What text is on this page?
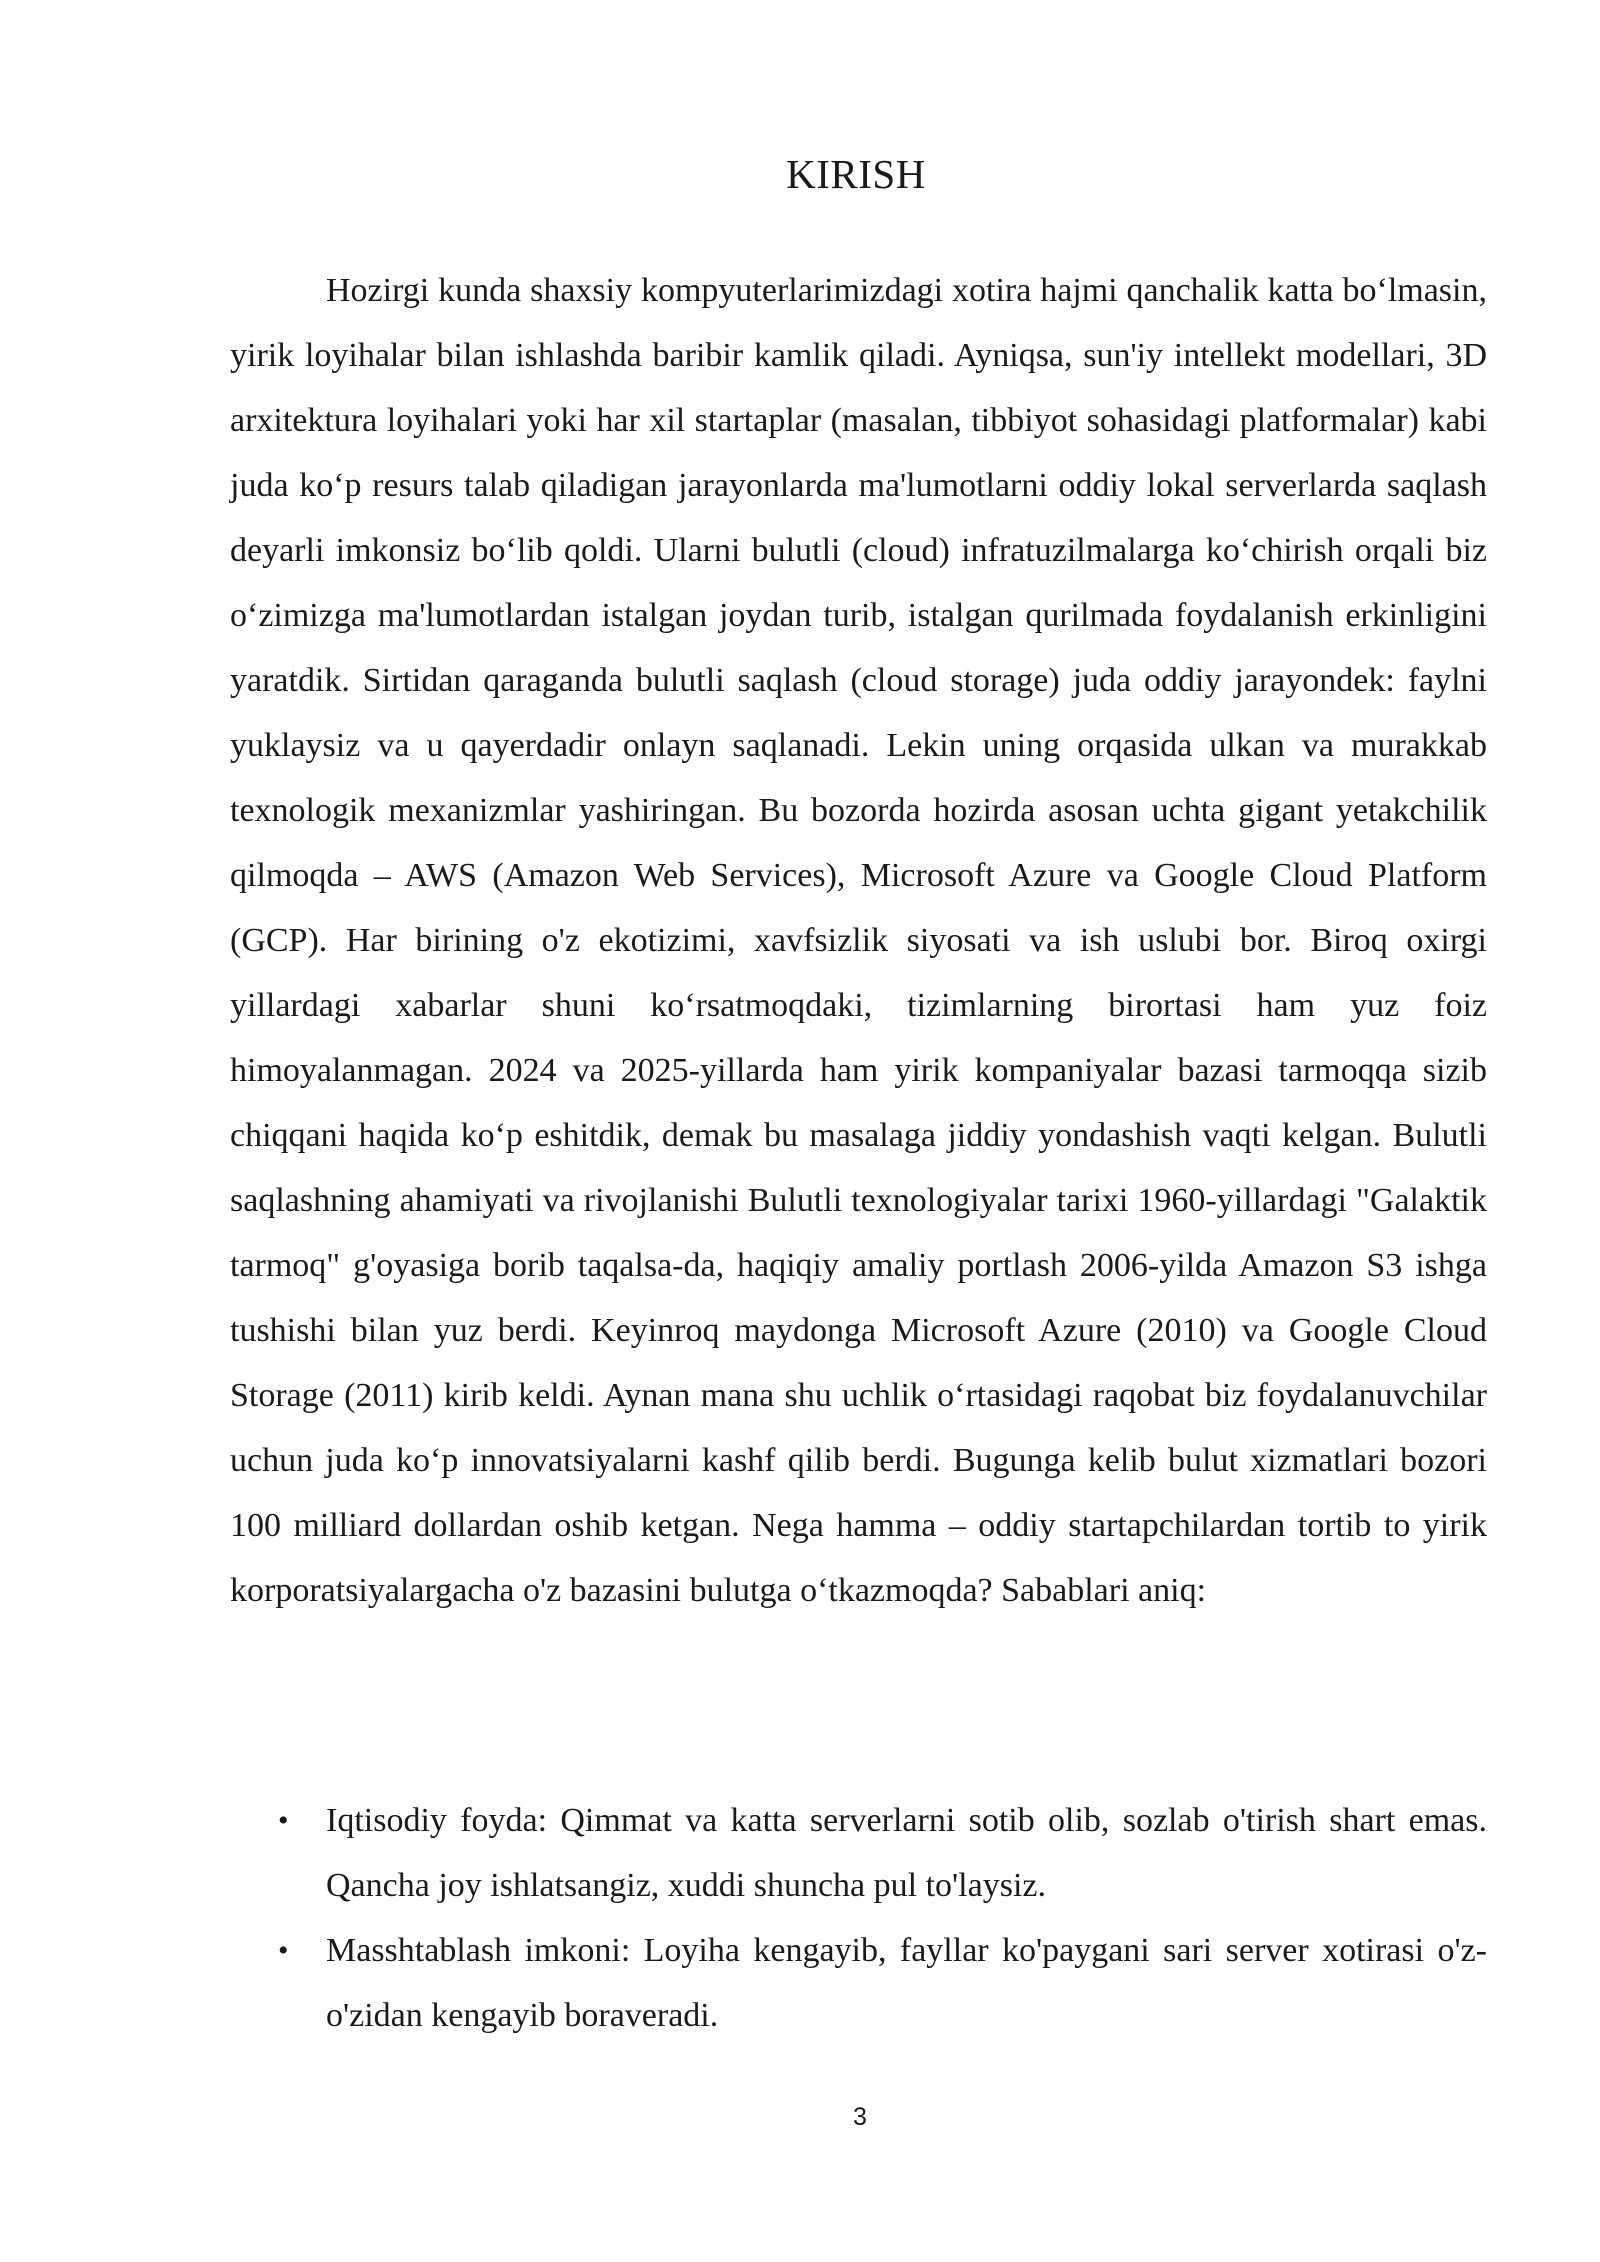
KIRISH

Hozirgi kunda shaxsiy kompyuterlarimizdagi xotira hajmi qanchalik katta bo‘lmasin, yirik loyihalar bilan ishlashda baribir kamlik qiladi. Ayniqsa, sun'iy intellekt modellari, 3D arxitektura loyihalari yoki har xil startaplar (masalan, tibbiyot sohasidagi platformalar) kabi juda ko‘p resurs talab qiladigan jarayonlarda ma'lumotlarni oddiy lokal serverlarda saqlash deyarli imkonsiz bo‘lib qoldi. Ularni bulutli (cloud) infratuzilmalarga ko‘chirish orqali biz o‘zimizga ma'lumotlardan istalgan joydan turib, istalgan qurilmada foydalanish erkinligini yaratdik. Sirtidan qaraganda bulutli saqlash (cloud storage) juda oddiy jarayondek: faylni yuklaysiz va u qayerdadir onlayn saqlanadi. Lekin uning orqasida ulkan va murakkab texnologik mexanizmlar yashiringan. Bu bozorda hozirda asosan uchta gigant yetakchilik qilmoqda – AWS (Amazon Web Services), Microsoft Azure va Google Cloud Platform (GCP). Har birining o'z ekotizimi, xavfsizlik siyosati va ish uslubi bor. Biroq oxirgi yillardagi xabarlar shuni ko‘rsatmoqdaki, tizimlarning birortasi ham yuz foiz himoyalanmagan. 2024 va 2025-yillarda ham yirik kompaniyalar bazasi tarmoqqa sizib chiqqani haqida ko‘p eshitdik, demak bu masalaga jiddiy yondashish vaqti kelgan. Bulutli saqlashning ahamiyati va rivojlanishi Bulutli texnologiyalar tarixi 1960-yillardagi "Galaktik tarmoq" g'oyasiga borib taqalsa-da, haqiqiy amaliy portlash 2006-yilda Amazon S3 ishga tushishi bilan yuz berdi. Keyinroq maydonga Microsoft Azure (2010) va Google Cloud Storage (2011) kirib keldi. Aynan mana shu uchlik o‘rtasidagi raqobat biz foydalanuvchilar uchun juda ko‘p innovatsiyalarni kashf qilib berdi. Bugunga kelib bulut xizmatlari bozori 100 milliard dollardan oshib ketgan. Nega hamma – oddiy startapchilardan tortib to yirik korporatsiyalargacha o'z bazasini bulutga o‘tkazmoqda? Sabablari aniq:

• Iqtisodiy foyda: Qimmat va katta serverlarni sotib olib, sozlab o'tirish shart emas. Qancha joy ishlatsangiz, xuddi shuncha pul to'laysiz.
• Masshtablash imkoni: Loyiha kengayib, fayllar ko'paygani sari server xotirasi o'z-o'zidan kengayib boraveradi.
3
